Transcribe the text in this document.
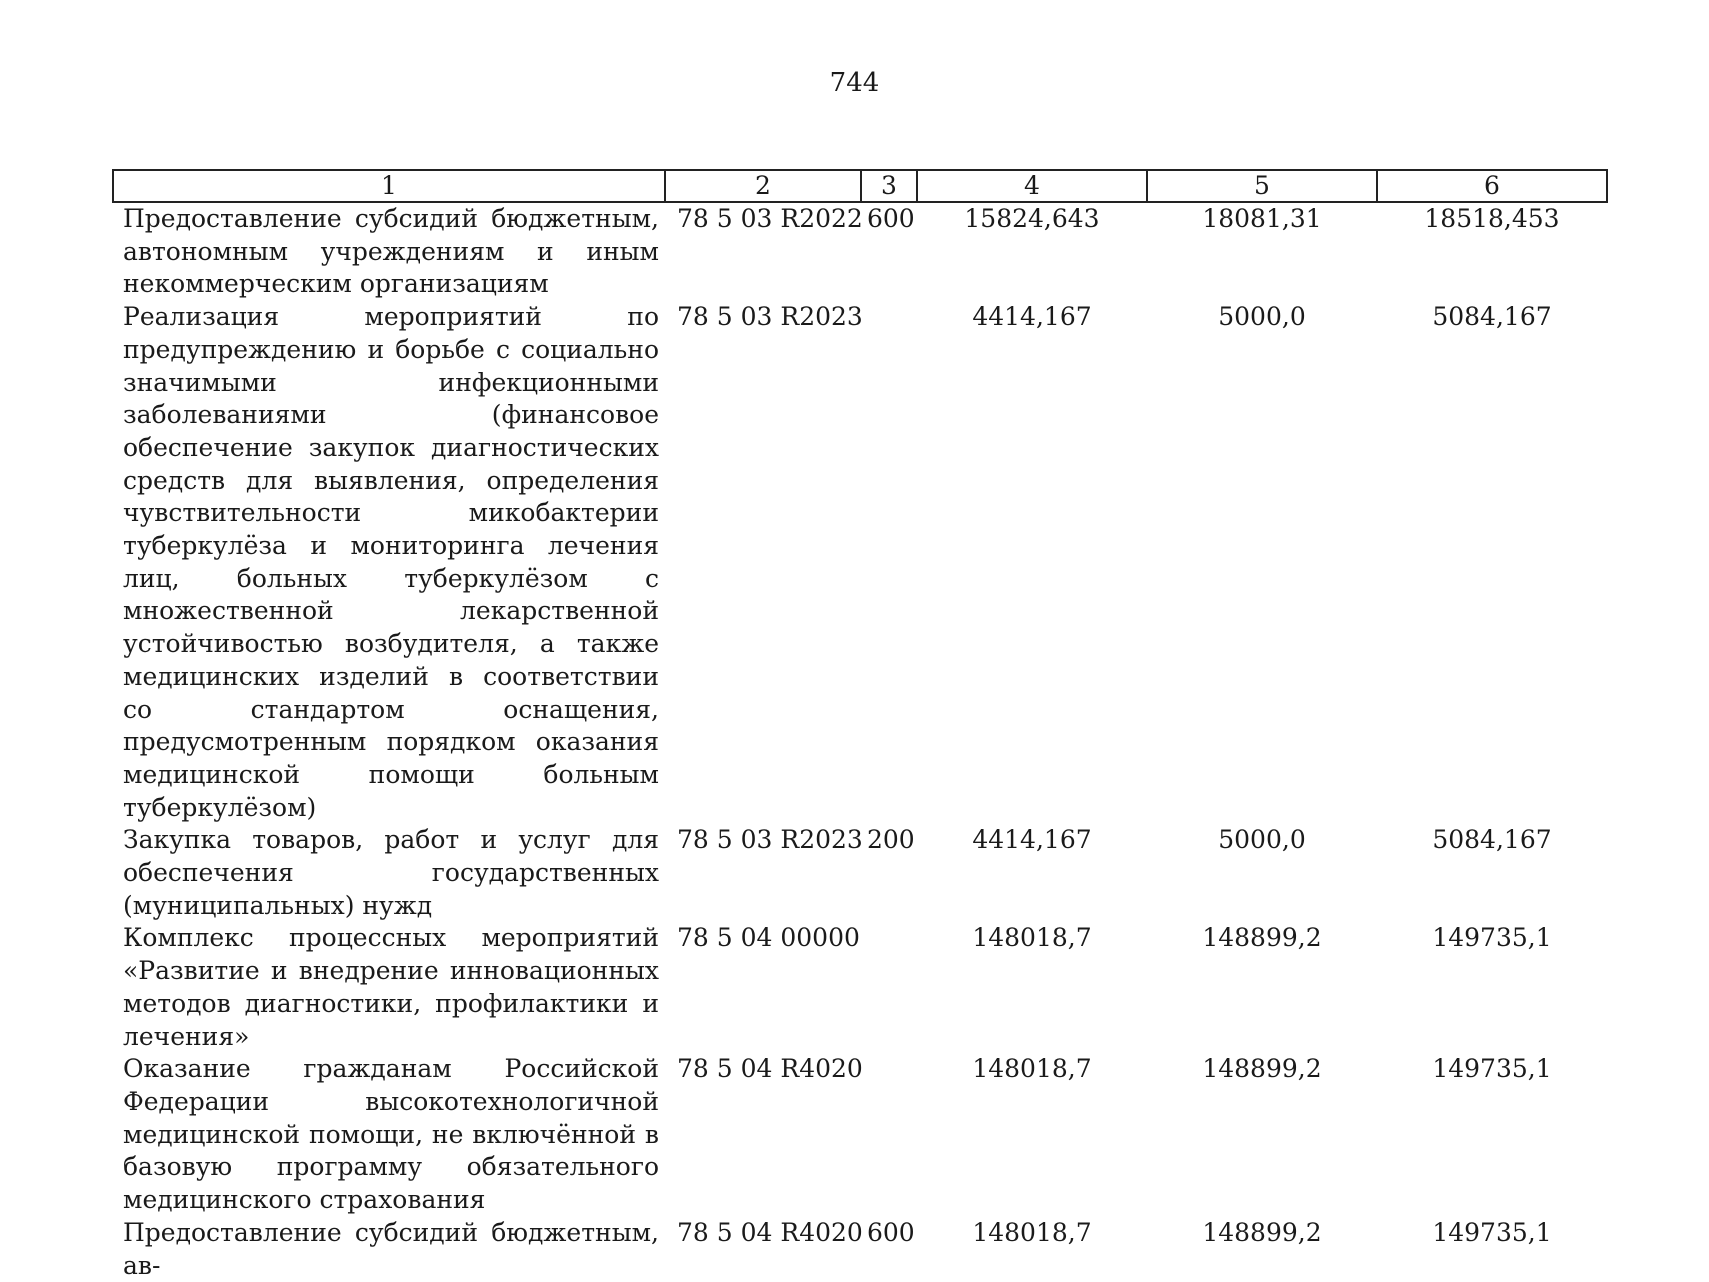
744
1	2	3	4	5	6
Предоставление субсидий бюджетным, автономным учреждениям и иным некоммерческим организациям	78 5 03 R2022	600	15824,643	18081,31	18518,453
Реализация мероприятий по предупреждению и борьбе с социально значимыми инфекционными заболеваниями (финансовое обеспечение закупок диагностических средств для выявления, определения чувствительности микобактерии туберкулёза и мониторинга лечения лиц, больных туберкулёзом с множественной лекарственной устойчивостью возбудителя, а также медицинских изделий в соответствии со стандартом оснащения, предусмотренным порядком оказания медицинской помощи больным туберкулёзом)	78 5 03 R2023		4414,167	5000,0	5084,167
Закупка товаров, работ и услуг для обеспечения государственных (муниципальных) нужд	78 5 03 R2023	200	4414,167	5000,0	5084,167
Комплекс процессных мероприятий «Развитие и внедрение инновационных методов диагностики, профилактики и лечения»	78 5 04 00000		148018,7	148899,2	149735,1
Оказание гражданам Российской Федерации высокотехнологичной медицинской помощи, не включённой в базовую программу обязательного медицинского страхования	78 5 04 R4020		148018,7	148899,2	149735,1
Предоставление субсидий бюджетным, ав-	78 5 04 R4020	600	148018,7	148899,2	149735,1
